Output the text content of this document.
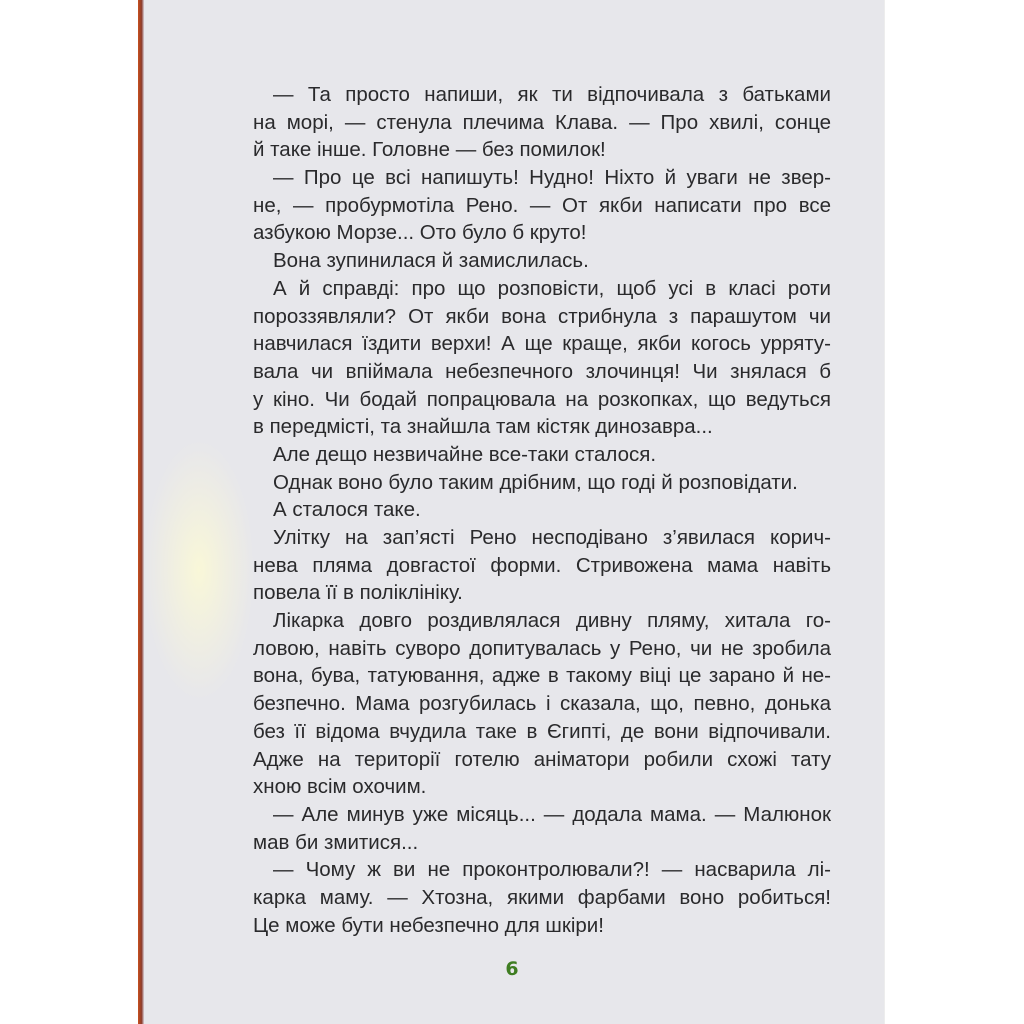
— Та просто напиши, як ти відпочивала з батьками
на морі, — стенула плечима Клава. — Про хвилі, сонце
й таке інше. Головне — без помилок!
— Про це всі напишуть! Нудно! Ніхто й уваги не звер-
не, — пробурмотіла Рено. — От якби написати про все
азбукою Морзе... Ото було б круто!
Вона зупинилася й замислилась.
А й справді: про що розповісти, щоб усі в класі роти
пороззявляли? От якби вона стрибнула з парашутом чи
навчилася їздити верхи! А ще краще, якби когось урряту-
вала чи впіймала небезпечного злочинця! Чи знялася б
у кіно. Чи бодай попрацювала на розкопках, що ведуться
в передмісті, та знайшла там кістяк динозавра...
Але дещо незвичайне все-таки сталося.
Однак воно було таким дрібним, що годі й розповідати.
А сталося таке.
Улітку на зап’ясті Рено несподівано з’явилася корич-
нева пляма довгастої форми. Стривожена мама навіть
повела її в поліклініку.
Лікарка довго роздивлялася дивну пляму, хитала го-
ловою, навіть суворо допитувалась у Рено, чи не зробила
вона, бува, татуювання, адже в такому віці це зарано й не-
безпечно. Мама розгубилась і сказала, що, певно, донька
без її відома вчудила таке в Єгипті, де вони відпочивали.
Адже на території готелю аніматори робили схожі тату
хною всім охочим.
— Але минув уже місяць... — додала мама. — Малюнок
мав би змитися...
— Чому ж ви не проконтролювали?! — насварила лі-
карка маму. — Хтозна, якими фарбами воно робиться!
Це може бути небезпечно для шкіри!
6
